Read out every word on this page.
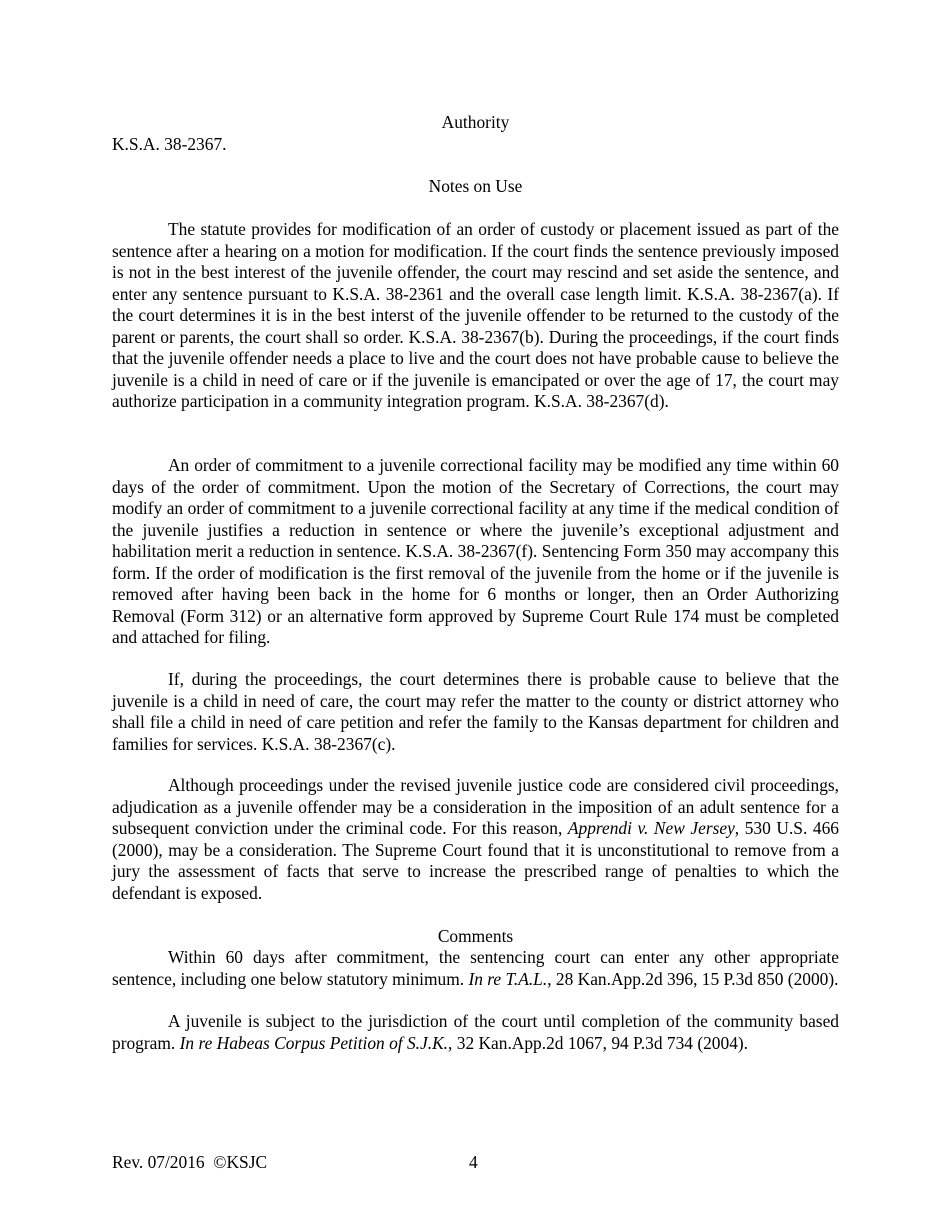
Authority
K.S.A. 38-2367.
Notes on Use

The statute provides for modification of an order of custody or placement issued as part of the sentence after a hearing on a motion for modification. If the court finds the sentence previously imposed is not in the best interest of the juvenile offender, the court may rescind and set aside the sentence, and enter any sentence pursuant to K.S.A. 38-2361 and the overall case length limit. K.S.A. 38-2367(a). If the court determines it is in the best interst of the juvenile offender to be returned to the custody of the parent or parents, the court shall so order. K.S.A. 38-2367(b). During the proceedings, if the court finds that the juvenile offender needs a place to live and the court does not have probable cause to believe the juvenile is a child in need of care or if the juvenile is emancipated or over the age of 17, the court may authorize participation in a community integration program. K.S.A. 38-2367(d).

An order of commitment to a juvenile correctional facility may be modified any time within 60 days of the order of commitment. Upon the motion of the Secretary of Corrections, the court may modify an order of commitment to a juvenile correctional facility at any time if the medical condition of the juvenile justifies a reduction in sentence or where the juvenile’s exceptional adjustment and habilitation merit a reduction in sentence. K.S.A. 38-2367(f). Sentencing Form 350 may accompany this form. If the order of modification is the first removal of the juvenile from the home or if the juvenile is removed after having been back in the home for 6 months or longer, then an Order Authorizing Removal (Form 312) or an alternative form approved by Supreme Court Rule 174 must be completed and attached for filing.

If, during the proceedings, the court determines there is probable cause to believe that the juvenile is a child in need of care, the court may refer the matter to the county or district attorney who shall file a child in need of care petition and refer the family to the Kansas department for children and families for services. K.S.A. 38-2367(c).

Although proceedings under the revised juvenile justice code are considered civil proceedings, adjudication as a juvenile offender may be a consideration in the imposition of an adult sentence for a subsequent conviction under the criminal code. For this reason, Apprendi v. New Jersey, 530 U.S. 466 (2000), may be a consideration. The Supreme Court found that it is unconstitutional to remove from a jury the assessment of facts that serve to increase the prescribed range of penalties to which the defendant is exposed.

Comments

Within 60 days after commitment, the sentencing court can enter any other appropriate sentence, including one below statutory minimum. In re T.A.L., 28 Kan.App.2d 396, 15 P.3d 850 (2000).

A juvenile is subject to the jurisdiction of the court until completion of the community based program. In re Habeas Corpus Petition of S.J.K., 32 Kan.App.2d 1067, 94 P.3d 734 (2004).

Rev. 07/2016  ©KSJC	4
